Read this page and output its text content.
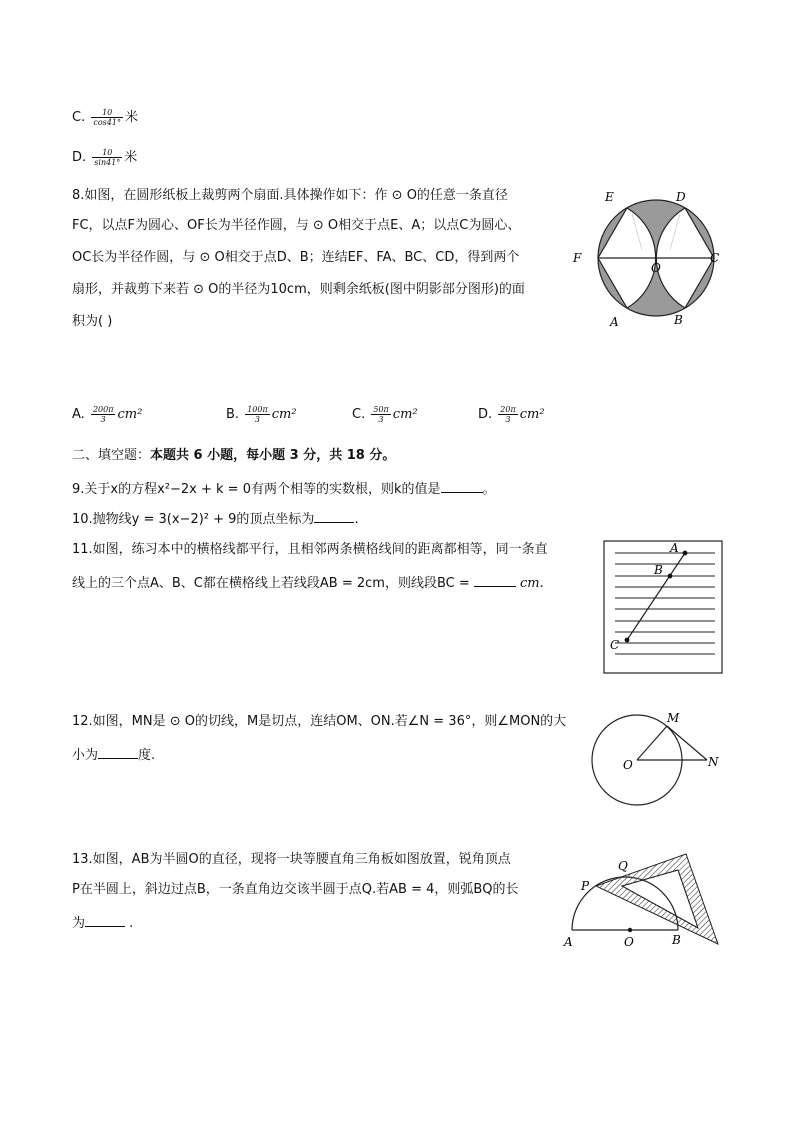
C. $\frac{10}{\cos 41^\circ}$ 米
D. $\frac{10}{\sin 41^\circ}$ 米
8.如图，在圆形纸板上裁剪两个扇面.具体操作如下：作 ⊙ O的任意一条直径
FC，以点F为圆心、OF长为半径作圆，与 ⊙ O相交于点E、A；以点C为圆心、
OC长为半径作圆，与 ⊙ O相交于点D、B；连结EF、FA、BC、CD，得到两个
扇形，并裁剪下来若 ⊙ O的半径为10cm，则剩余纸板(图中阴影部分图形)的面
积为( )
E	D
F
O
C
A	B
A. $\frac{200\pi}{3} cm^2$	B. $\frac{100\pi}{3} cm^2$	C. $\frac{50\pi}{3} cm^2$	D. $\frac{20\pi}{3} cm^2$
二、填空题：本题共 6 小题，每小题 3 分，共 18 分。
9.关于x的方程x²−2x + k = 0有两个相等的实数根，则k的值是	。
10.抛物线y = 3(x−2)² + 9的顶点坐标为	.
11.如图，练习本中的横格线都平行，且相邻两条横格线间的距离都相等，同一条直
线上的三个点A、B、C都在横格线上若线段AB = 2cm，则线段BC =	cm.
A
B
C
12.如图，MN是 ⊙ O的切线，M是切点，连结OM、ON.若∠N = 36°，则∠MON的大
小为	度.
M
O	N
13.如图，AB为半圆O的直径，现将一块等腰直角三角板如图放置，锐角顶点
P在半圆上，斜边过点B，一条直角边交该半圆于点Q.若AB = 4，则弧BQ的长
为	.
Q
P
A	O	B
